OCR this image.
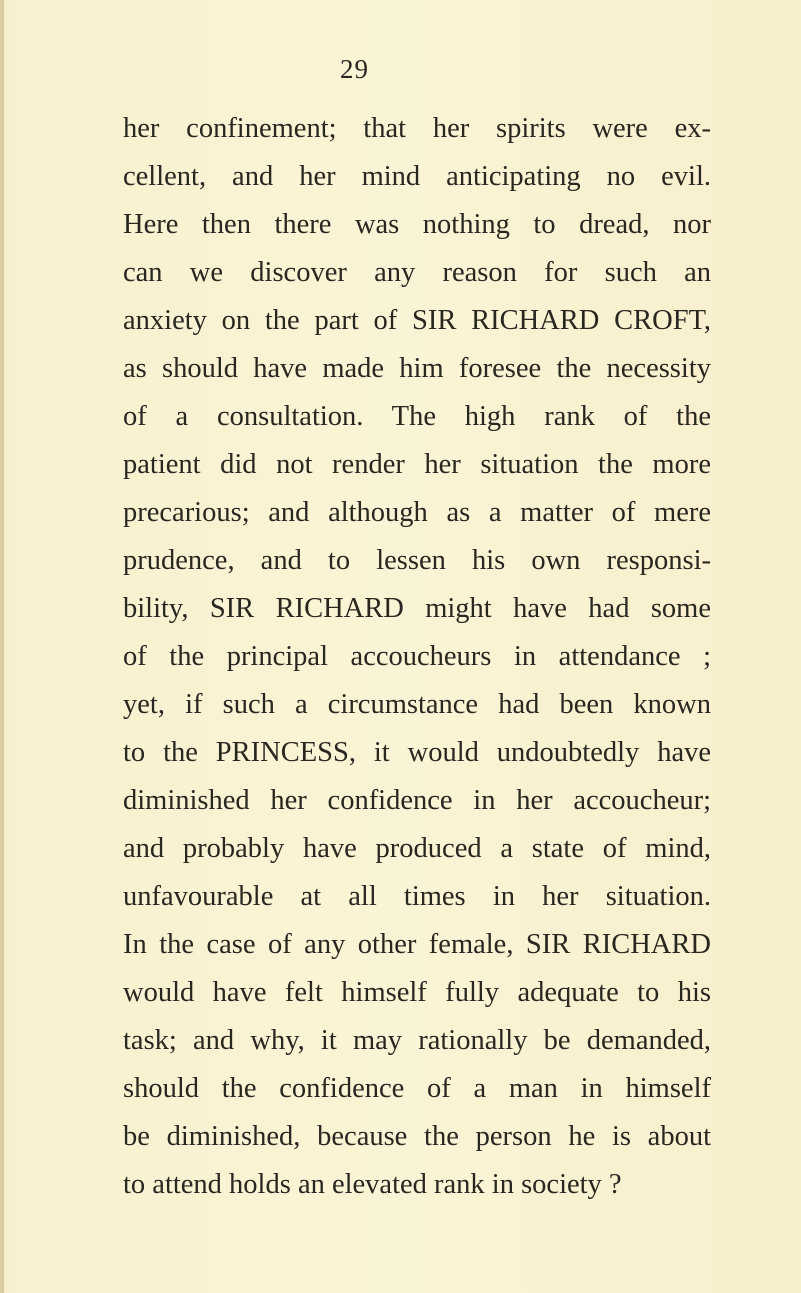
29
her confinement; that her spirits were ex-
cellent, and her mind anticipating no evil.
Here then there was nothing to dread, nor
can we discover any reason for such an
anxiety on the part of SIR RICHARD CROFT,
as should have made him foresee the necessity
of a consultation. The high rank of the
patient did not render her situation the more
precarious; and although as a matter of mere
prudence, and to lessen his own responsi-
bility, SIR RICHARD might have had some
of the principal accoucheurs in attendance ;
yet, if such a circumstance had been known
to the PRINCESS, it would undoubtedly have
diminished her confidence in her accoucheur;
and probably have produced a state of mind,
unfavourable at all times in her situation.
In the case of any other female, SIR RICHARD
would have felt himself fully adequate to his
task; and why, it may rationally be demanded,
should the confidence of a man in himself
be diminished, because the person he is about
to attend holds an elevated rank in society ?
